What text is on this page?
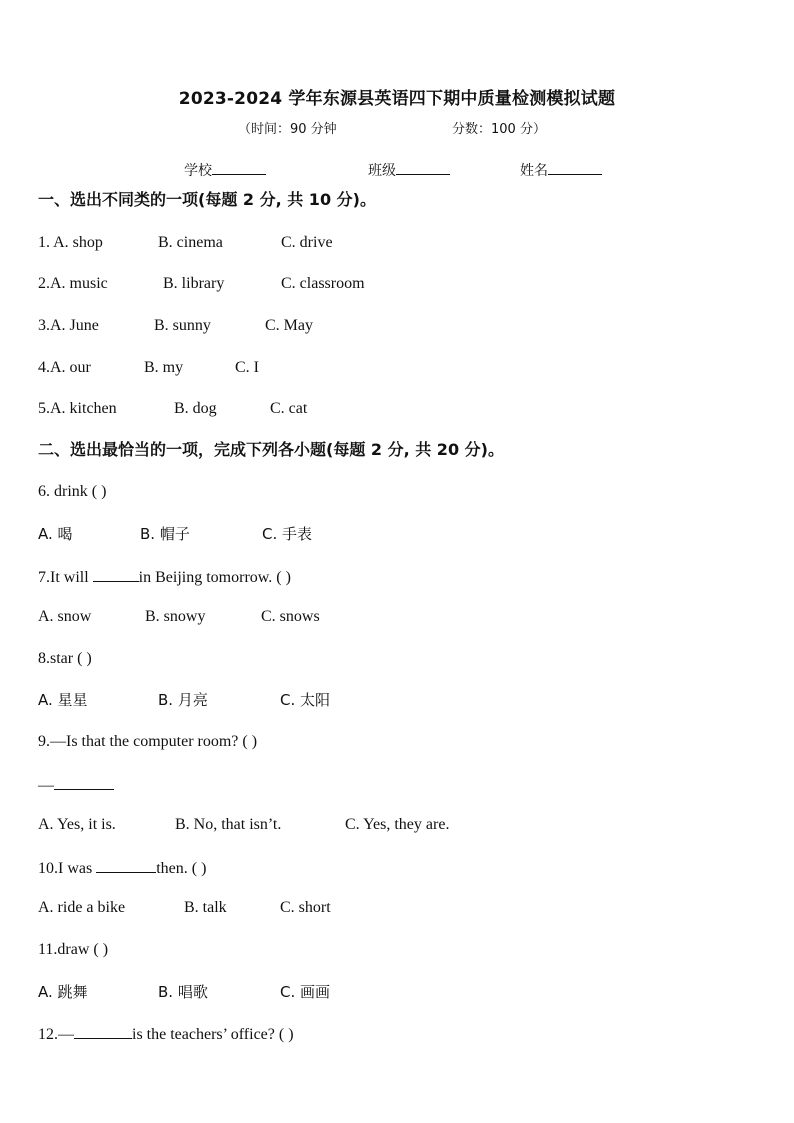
2023-2024 学年东源县英语四下期中质量检测模拟试题
（时间：90 分钟	分数：100 分）
学校	班级	姓名
一、选出不同类的一项(每题 2 分, 共 10 分)。
1. A. shop	B. cinema	C. drive
2.A. music	B. library	C. classroom
3.A. June	B. sunny	C. May
4.A. our	B. my	C. I
5.A. kitchen	B. dog	C. cat
二、选出最恰当的一项，完成下列各小题(每题 2 分, 共 20 分)。
6. drink ( )
A. 喝	B. 帽子	C. 手表
7.It will	in Beijing tomorrow. ( )
A. snow	B. snowy	C. snows
8.star ( )
A. 星星	B. 月亮	C. 太阳
9.—Is that the computer room? ( )
—
A. Yes, it is.	B. No, that isn’t.	C. Yes, they are.
10.I was	then. ( )
A. ride a bike	B. talk	C. short
11.draw ( )
A. 跳舞	B. 唱歌	C. 画画
12.—	is the teachers’ office? ( )
